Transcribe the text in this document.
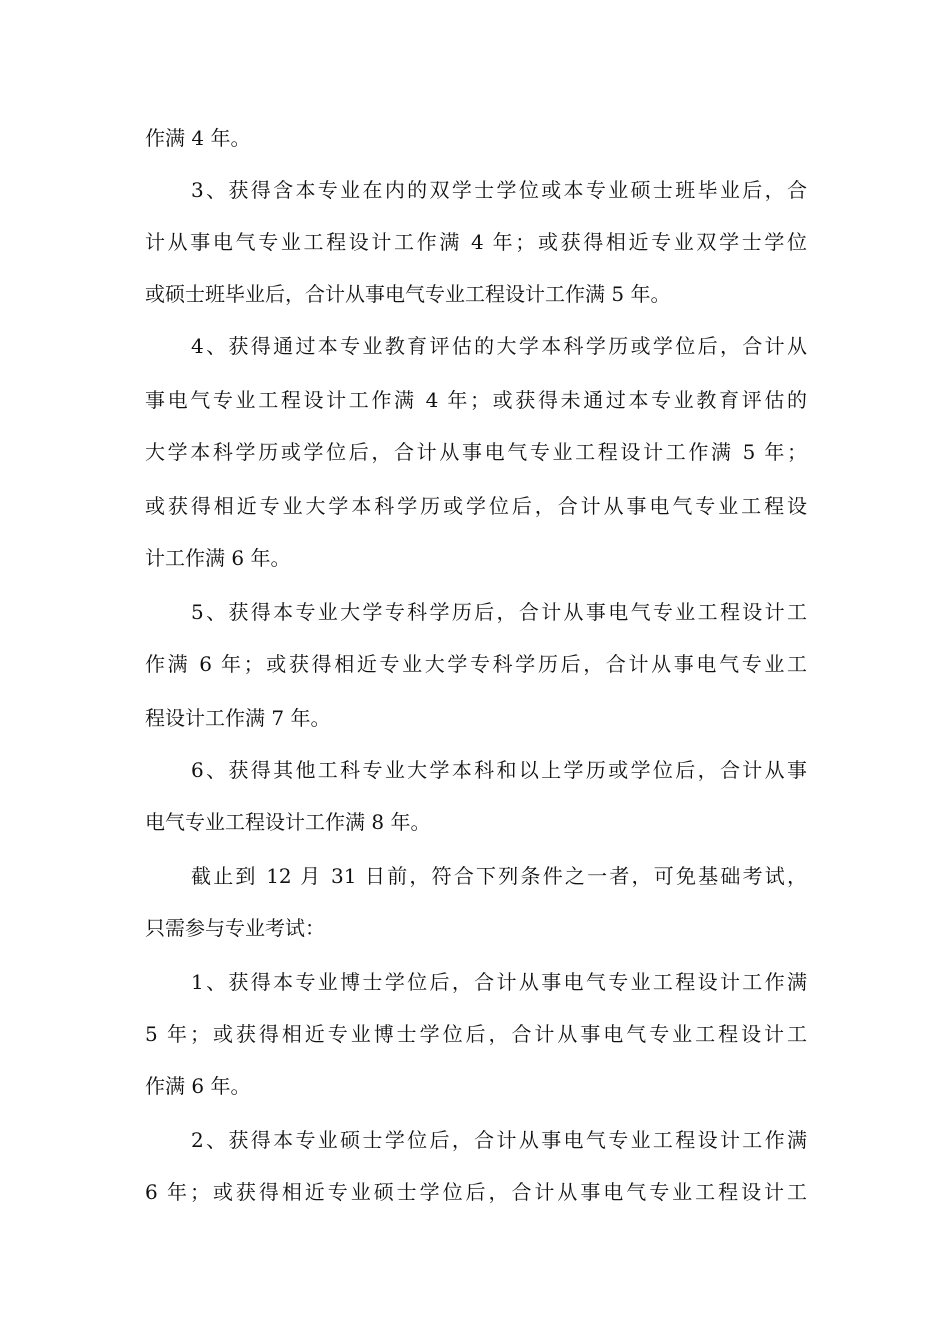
作满 4 年。
3、获得含本专业在内的双学士学位或本专业硕士班毕业后，合
计从事电气专业工程设计工作满 4 年；或获得相近专业双学士学位
或硕士班毕业后，合计从事电气专业工程设计工作满 5 年。
4、获得通过本专业教育评估的大学本科学历或学位后，合计从
事电气专业工程设计工作满 4 年；或获得未通过本专业教育评估的
大学本科学历或学位后，合计从事电气专业工程设计工作满 5 年；
或获得相近专业大学本科学历或学位后，合计从事电气专业工程设
计工作满 6 年。
5、获得本专业大学专科学历后，合计从事电气专业工程设计工
作满 6 年；或获得相近专业大学专科学历后，合计从事电气专业工
程设计工作满 7 年。
6、获得其他工科专业大学本科和以上学历或学位后，合计从事
电气专业工程设计工作满 8 年。
截止到 12 月 31 日前，符合下列条件之一者，可免基础考试，
只需参与专业考试：
1、获得本专业博士学位后，合计从事电气专业工程设计工作满
5 年；或获得相近专业博士学位后，合计从事电气专业工程设计工
作满 6 年。
2、获得本专业硕士学位后，合计从事电气专业工程设计工作满
6 年；或获得相近专业硕士学位后，合计从事电气专业工程设计工
